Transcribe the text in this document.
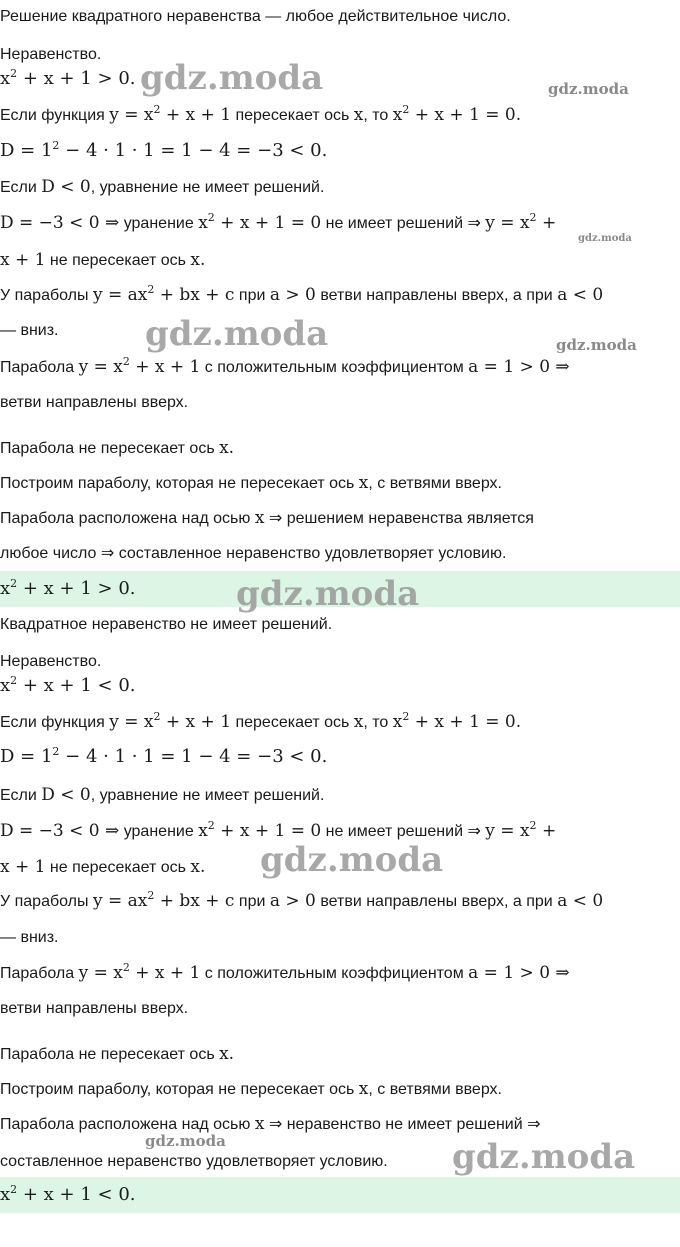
Решение квадратного неравенства — любое действительное число.
Неравенство.
$x^2 + x + 1 > 0$.
Если функция $y = x^2 + x + 1$ пересекает ось x, то $x^2 + x + 1 = 0$.
$D = 1^2 - 4 \cdot 1 \cdot 1 = 1 - 4 = -3 < 0$.
Если D < 0, уравнение не имеет решений.
D = −3 < 0 ⇒ уранение $x^2 + x + 1 = 0$ не имеет решений ⇒ $y = x^2$ +
x + 1 не пересекает ось x.
У параболы $y = ax^2$ + bx + c при a > 0 ветви направлены вверх, а при a < 0
— вниз.
Парабола $y = x^2 + x + 1$ с положительным коэффициентом a = 1 > 0 ⇒
ветви направлены вверх.
Парабола не пересекает ось x.
Построим параболу, которая не пересекает ось x, с ветвями вверх.
Парабола расположена над осью x ⇒ решением неравенства является
любое число ⇒ составленное неравенство удовлетворяет условию.
$x^2 + x + 1 > 0$.
Квадратное неравенство не имеет решений.
Неравенство.
$x^2 + x + 1 < 0$.
Если функция $y = x^2 + x + 1$ пересекает ось x, то $x^2 + x + 1 = 0$.
$D = 1^2 - 4 \cdot 1 \cdot 1 = 1 - 4 = -3 < 0$.
Если D < 0, уравнение не имеет решений.
D = −3 < 0 ⇒ уранение $x^2 + x + 1 = 0$ не имеет решений ⇒ $y = x^2$ +
x + 1 не пересекает ось x.
У параболы $y = ax^2$ + bx + c при a > 0 ветви направлены вверх, а при a < 0
— вниз.
Парабола $y = x^2 + x + 1$ с положительным коэффициентом a = 1 > 0 ⇒
ветви направлены вверх.
Парабола не пересекает ось x.
Построим параболу, которая не пересекает ось x, с ветвями вверх.
Парабола расположена над осью x ⇒ неравенство не имеет решений ⇒
составленное неравенство удовлетворяет условию.
$x^2 + x + 1 < 0$.
gdz.moda	gdz.moda
gdz.moda
gdz.moda	gdz.moda
gdz.moda
gdz.moda
gdz.moda	gdz.moda
